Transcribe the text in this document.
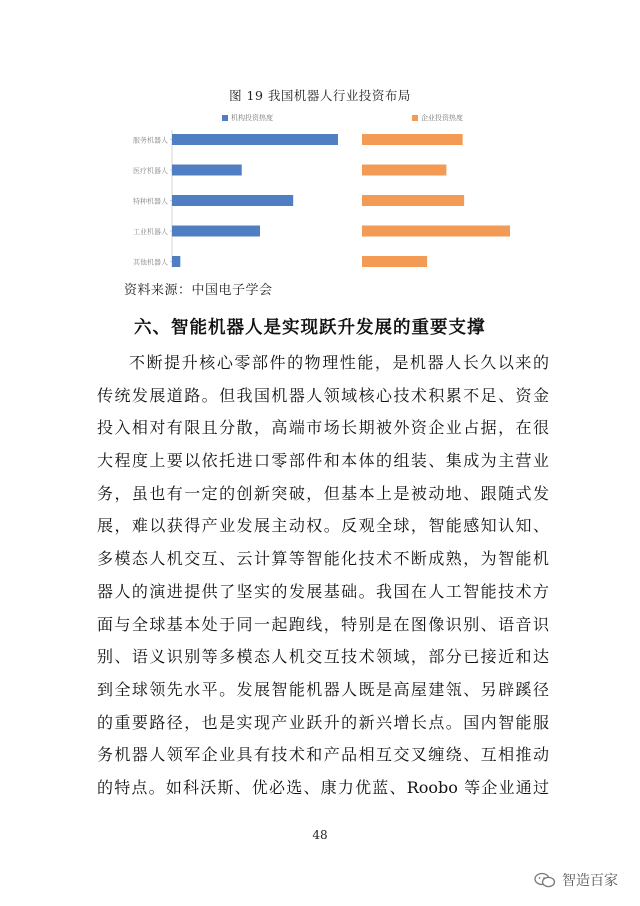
图 19 我国机器人行业投资布局
服务机器人
医疗机器人
特种机器人
工业机器人
其他机器人
机构投资热度	企业投资热度
资料来源：中国电子学会
六、智能机器人是实现跃升发展的重要支撑
不断提升核心零部件的物理性能，是机器人长久以来的
传统发展道路。但我国机器人领域核心技术积累不足、资金
投入相对有限且分散，高端市场长期被外资企业占据，在很
大程度上要以依托进口零部件和本体的组装、集成为主营业
务，虽也有一定的创新突破，但基本上是被动地、跟随式发
展，难以获得产业发展主动权。反观全球，智能感知认知、
多模态人机交互、云计算等智能化技术不断成熟，为智能机
器人的演进提供了坚实的发展基础。我国在人工智能技术方
面与全球基本处于同一起跑线，特别是在图像识别、语音识
别、语义识别等多模态人机交互技术领域，部分已接近和达
到全球领先水平。发展智能机器人既是高屋建瓴、另辟蹊径
的重要路径，也是实现产业跃升的新兴增长点。国内智能服
务机器人领军企业具有技术和产品相互交叉缠绕、互相推动
的特点。如科沃斯、优必选、康力优蓝、Roobo 等企业通过
48
智造百家
